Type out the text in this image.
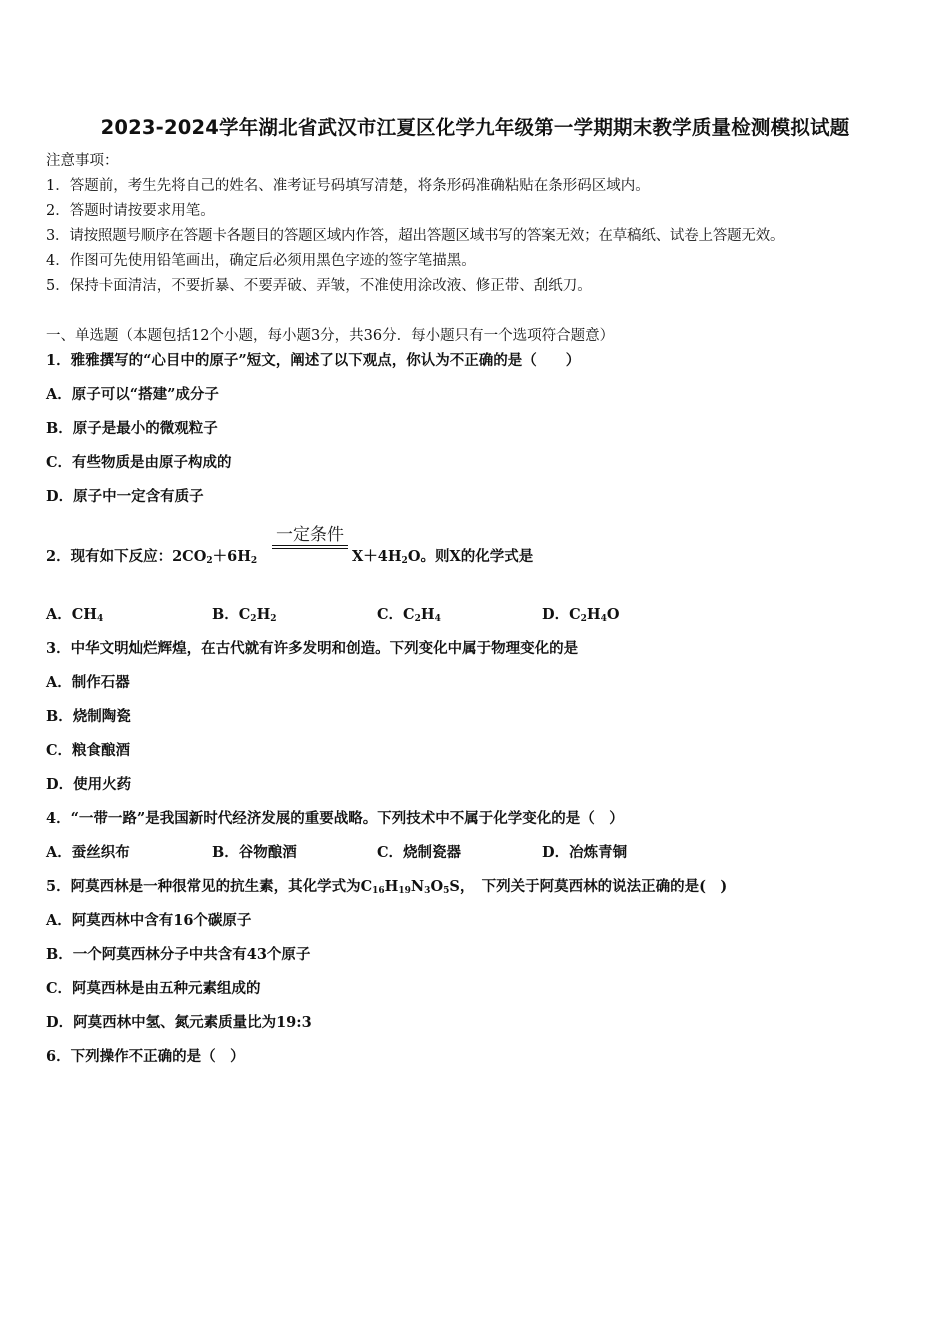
2023-2024学年湖北省武汉市江夏区化学九年级第一学期期末教学质量检测模拟试题
注意事项：
1．答题前，考生先将自己的姓名、准考证号码填写清楚，将条形码准确粘贴在条形码区域内。
2．答题时请按要求用笔。
3．请按照题号顺序在答题卡各题目的答题区域内作答，超出答题区域书写的答案无效；在草稿纸、试卷上答题无效。
4．作图可先使用铅笔画出，确定后必须用黑色字迹的签字笔描黑。
5．保持卡面清洁，不要折暴、不要弄破、弄皱，不准使用涂改液、修正带、刮纸刀。
一、单选题（本题包括12个小题，每小题3分，共36分．每小题只有一个选项符合题意）
1．雅雅撰写的“心目中的原子”短文，阐述了以下观点，你认为不正确的是（　　）
A．原子可以“搭建”成分子
B．原子是最小的微观粒子
C．有些物质是由原子构成的
D．原子中一定含有质子
一定条件
2．现有如下反应：$2CO_2+6H_2$	$X+4H_2O$。则X的化学式是
A．$CH_4$	B．$C_2H_2$	C．$C_2H_4$	D．$C_2H_4O$
3．中华文明灿烂辉煌，在古代就有许多发明和创造。下列变化中属于物理变化的是
A．制作石器
B．烧制陶瓷
C．粮食酿酒
D．使用火药
4．“一带一路”是我国新时代经济发展的重要战略。下列技术中不属于化学变化的是（　）
A．蚕丝织布	B．谷物酿酒	C．烧制瓷器	D．冶炼青铜
5．阿莫西林是一种很常见的抗生素，其化学式为$C_{16}H_{19}N_3O_5S$，　下列关于阿莫西林的说法正确的是(　)
A．阿莫西林中含有16个碳原子
B．一个阿莫西林分子中共含有43个原子
C．阿莫西林是由五种元素组成的
D．阿莫西林中氢、氮元素质量比为19:3
6．下列操作不正确的是（　）
